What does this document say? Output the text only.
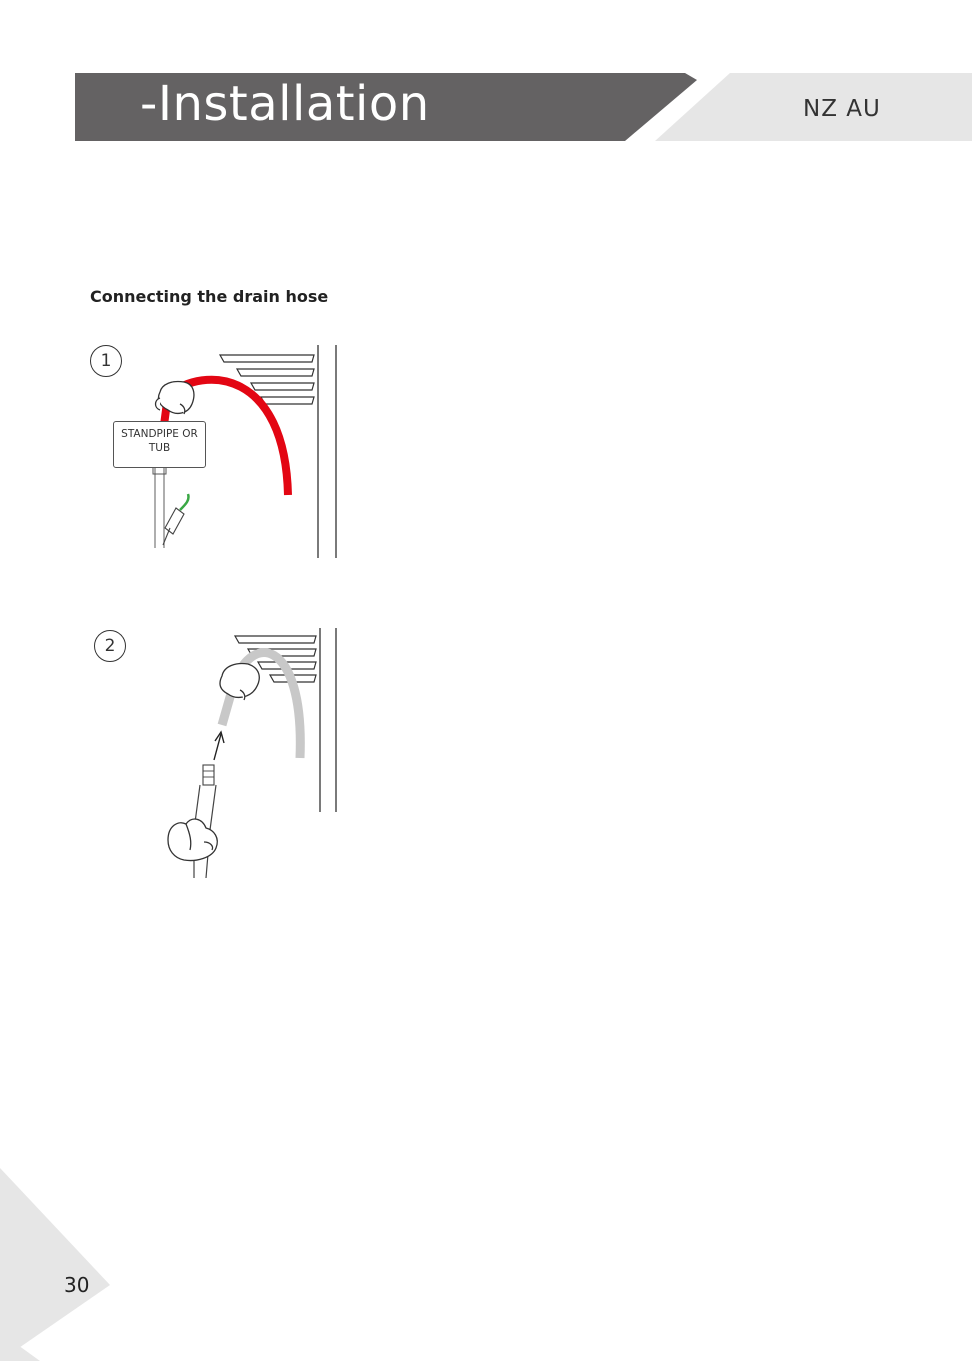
-Installation	NZ AU
Connecting the drain hose
1
STANDPIPE OR TUB
2
30
